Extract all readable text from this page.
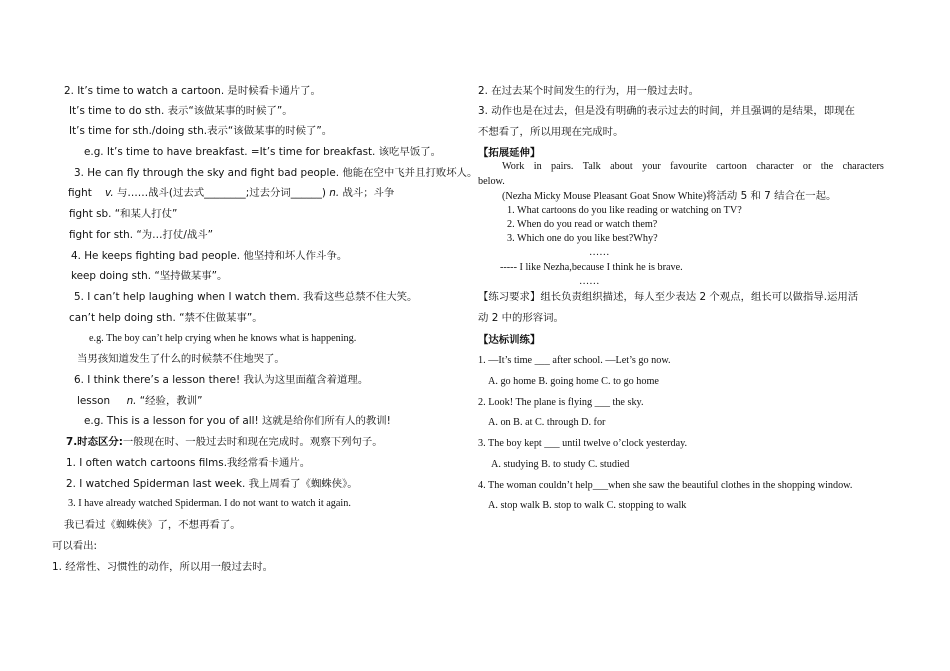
2. It’s time to watch a cartoon. 是时候看卡通片了。
It’s time to do sth. 表示“该做某事的时候了”。
It’s time for sth./doing sth.表示“该做某事的时候了”。
e.g. It’s time to have breakfast. =It’s time for breakfast. 该吃早饭了。
3. He can fly through the sky and fight bad people. 他能在空中飞并且打败坏人。
fight v. 与……战斗(过去式________;过去分词______) n. 战斗；斗争
fight sb. “和某人打仗”
fight for sth. “为…打仗/战斗”
4. He keeps fighting bad people. 他坚持和坏人作斗争。
keep doing sth. “坚持做某事”。
5. I can’t help laughing when I watch them. 我看这些总禁不住大笑。
can’t help doing sth. “禁不住做某事”。
e.g. The boy can’t help crying when he knows what is happening.
当男孩知道发生了什么的时候禁不住地哭了。
6. I think there’s a lesson there! 我认为这里面蕴含着道理。
lesson n. “经验，教训”
e.g. This is a lesson for you of all! 这就是给你们所有人的教训!
7.时态区分:一般现在时、一般过去时和现在完成时。观察下列句子。
1. I often watch cartoons films.我经常看卡通片。
2. I watched Spiderman last week. 我上周看了《蜘蛛侠》。
3. I have already watched Spiderman. I do not want to watch it again.
我已看过《蜘蛛侠》了，不想再看了。
可以看出:
1. 经常性、习惯性的动作，所以用一般过去时。
2. 在过去某个时间发生的行为，用一般过去时。
3. 动作也是在过去，但是没有明确的表示过去的时间，并且强调的是结果，即现在
不想看了，所以用现在完成时。
【拓展延伸】
Work in pairs. Talk about your favourite cartoon character or the characters
below.
(Nezha Micky Mouse Pleasant Goat Snow White)将活动 5 和 7 结合在一起。
1. What cartoons do you like reading or watching on TV?
2. When do you read or watch them?
3. Which one do you like best?Why?
……
----- I like Nezha,because I think he is brave.
……
【练习要求】组长负责组织描述，每人至少表达 2 个观点，组长可以做指导.运用活
动 2 中的形容词。
【达标训练】
1. —It’s time ___ after school. —Let’s go now.
A. go home B. going home C. to go home
2. Look! The plane is flying ___ the sky.
A. on B. at C. through D. for
3. The boy kept ___ until twelve o’clock yesterday.
A. studying B. to study C. studied
4. The woman couldn’t help___when she saw the beautiful clothes in the shopping window.
A. stop walk B. stop to walk C. stopping to walk
